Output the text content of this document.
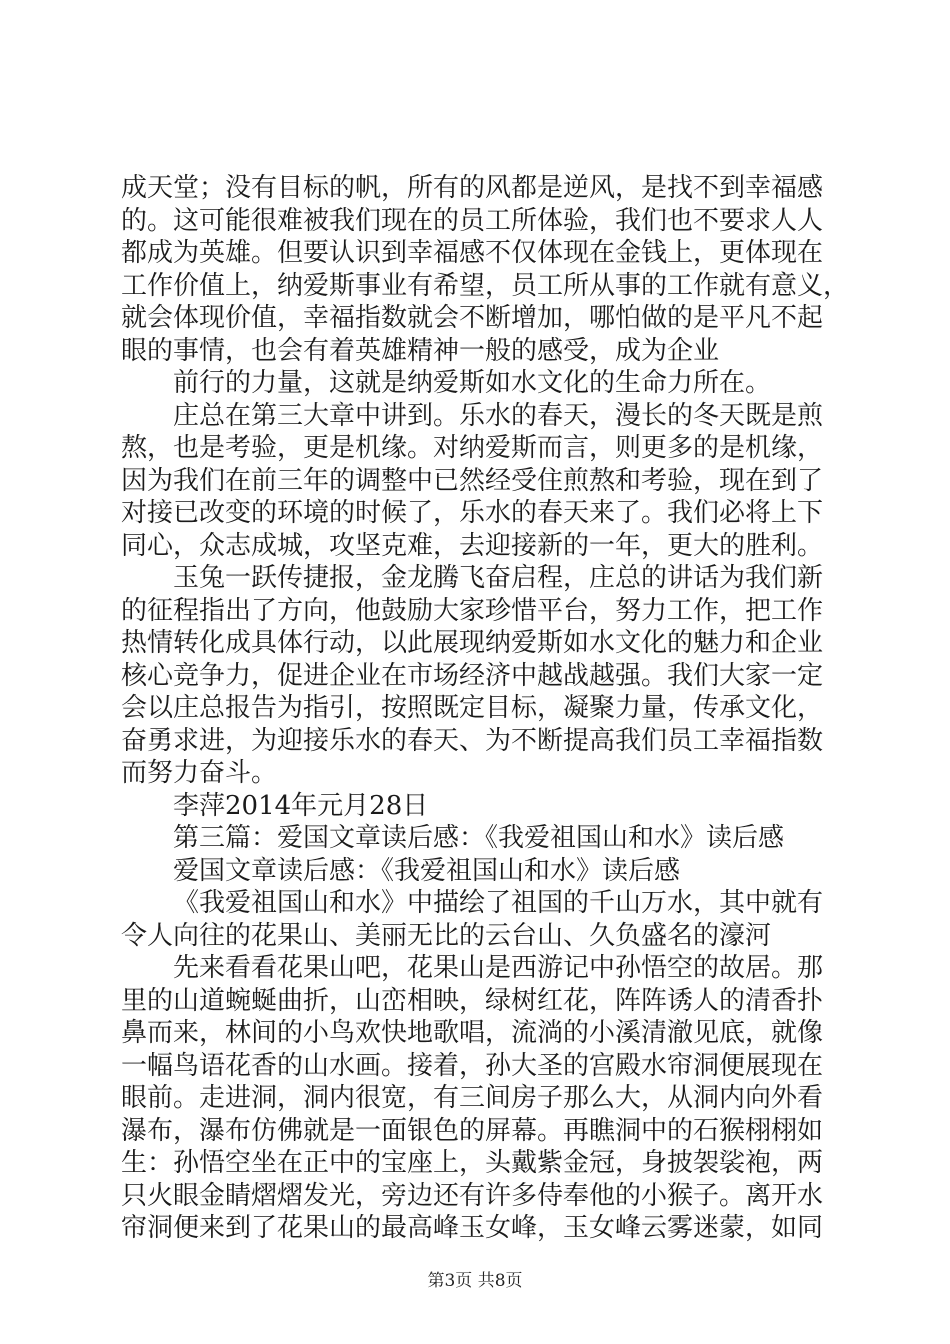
成天堂；没有目标的帆，所有的风都是逆风，是找不到幸福感
的。这可能很难被我们现在的员工所体验，我们也不要求人人
都成为英雄。但要认识到幸福感不仅体现在金钱上，更体现在
工作价值上，纳爱斯事业有希望，员工所从事的工作就有意义，
就会体现价值，幸福指数就会不断增加，哪怕做的是平凡不起
眼的事情，也会有着英雄精神一般的感受，成为企业
前行的力量，这就是纳爱斯如水文化的生命力所在。
庄总在第三大章中讲到。乐水的春天，漫长的冬天既是煎
熬，也是考验，更是机缘。对纳爱斯而言，则更多的是机缘，
因为我们在前三年的调整中已然经受住煎熬和考验，现在到了
对接已改变的环境的时候了，乐水的春天来了。我们必将上下
同心，众志成城，攻坚克难，去迎接新的一年，更大的胜利。
玉兔一跃传捷报，金龙腾飞奋启程，庄总的讲话为我们新
的征程指出了方向，他鼓励大家珍惜平台，努力工作，把工作
热情转化成具体行动，以此展现纳爱斯如水文化的魅力和企业
核心竞争力，促进企业在市场经济中越战越强。我们大家一定
会以庄总报告为指引，按照既定目标，凝聚力量，传承文化，
奋勇求进，为迎接乐水的春天、为不断提高我们员工幸福指数
而努力奋斗。
李萍2014年元月28日
第三篇：爱国文章读后感：《我爱祖国山和水》读后感
爱国文章读后感：《我爱祖国山和水》读后感
《我爱祖国山和水》中描绘了祖国的千山万水，其中就有
令人向往的花果山、美丽无比的云台山、久负盛名的濠河
先来看看花果山吧，花果山是西游记中孙悟空的故居。那
里的山道蜿蜒曲折，山峦相映，绿树红花，阵阵诱人的清香扑
鼻而来，林间的小鸟欢快地歌唱，流淌的小溪清澈见底，就像
一幅鸟语花香的山水画。接着，孙大圣的宫殿水帘洞便展现在
眼前。走进洞，洞内很宽，有三间房子那么大，从洞内向外看
瀑布，瀑布仿佛就是一面银色的屏幕。再瞧洞中的石猴栩栩如
生：孙悟空坐在正中的宝座上，头戴紫金冠，身披袈裟袍，两
只火眼金睛熠熠发光，旁边还有许多侍奉他的小猴子。离开水
帘洞便来到了花果山的最高峰玉女峰，玉女峰云雾迷蒙，如同
第3页 共8页
